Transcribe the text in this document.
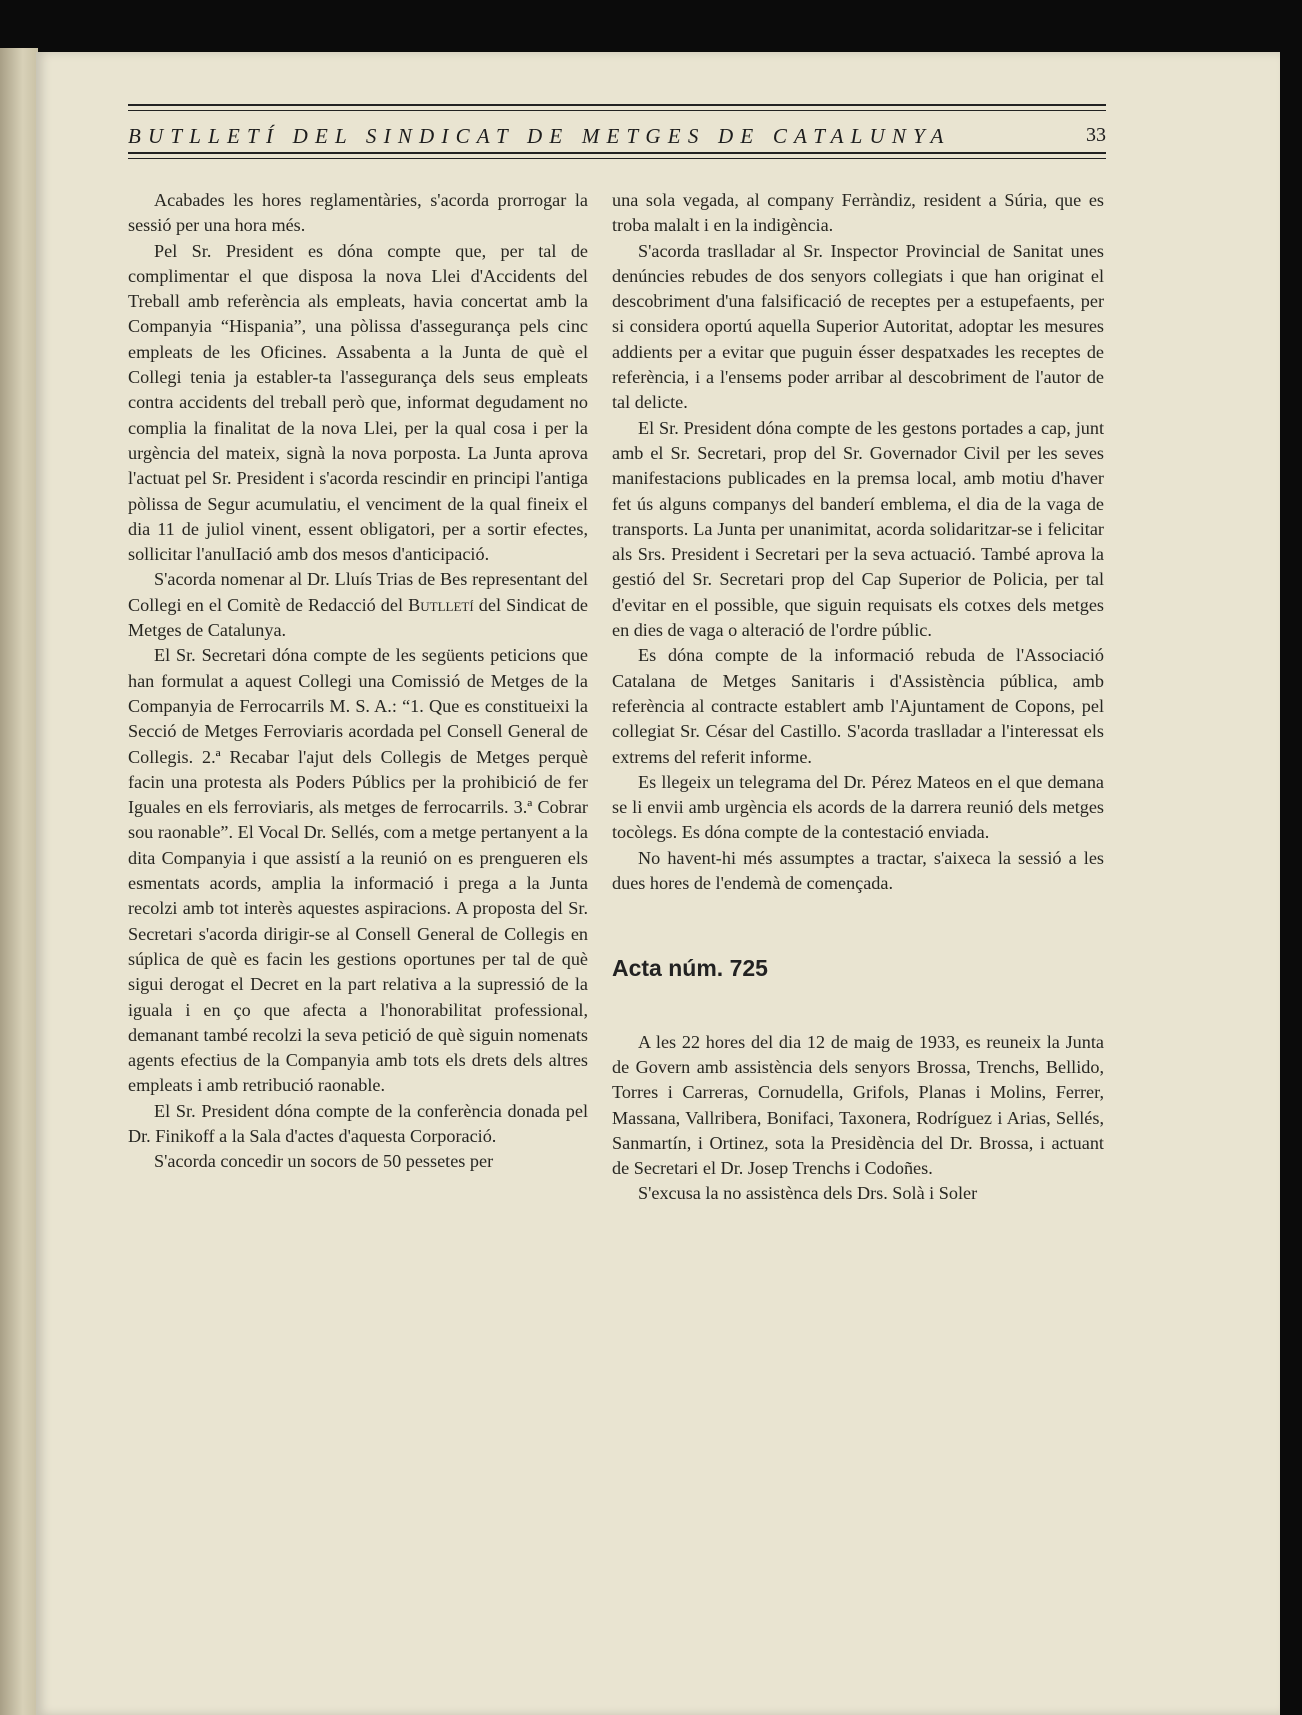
BUTLLETÍ DEL SINDICAT DE METGES DE CATALUNYA	33

Acabades les hores reglamentàries, s'acorda prorrogar la sessió per una hora més.

Pel Sr. President es dóna compte que, per tal de complimentar el que disposa la nova Llei d'Accidents del Treball amb referència als empleats, havia concertat amb la Companyia “Hispania”, una pòlissa d'assegurança pels cinc empleats de les Oficines. Assabenta a la Junta de què el Collegi tenia ja establer-ta l'assegurança dels seus empleats contra accidents del treball però que, informat degudament no complia la finalitat de la nova Llei, per la qual cosa i per la urgència del mateix, signà la nova porposta. La Junta aprova l'actuat pel Sr. President i s'acorda rescindir en principi l'antiga pòlissa de Segur acumulatiu, el venciment de la qual fineix el dia 11 de juliol vinent, essent obligatori, per a sortir efectes, sollicitar l'anulIació amb dos mesos d'anticipació.

S'acorda nomenar al Dr. Lluís Trias de Bes representant del Collegi en el Comitè de Redacció del Butlletí del Sindicat de Metges de Catalunya.

El Sr. Secretari dóna compte de les següents peticions que han formulat a aquest Collegi una Comissió de Metges de la Companyia de Ferrocarrils M. S. A.: “1. Que es constitueixi la Secció de Metges Ferroviaris acordada pel Consell General de Collegis. 2.ª Recabar l'ajut dels Collegis de Metges perquè facin una protesta als Poders Públics per la prohibició de fer Iguales en els ferroviaris, als metges de ferrocarrils. 3.ª Cobrar sou raonable”. El Vocal Dr. Sellés, com a metge pertanyent a la dita Companyia i que assistí a la reunió on es prengueren els esmentats acords, amplia la informació i prega a la Junta recolzi amb tot interès aquestes aspiracions. A proposta del Sr. Secretari s'acorda dirigir-se al Consell General de Collegis en súplica de què es facin les gestions oportunes per tal de què sigui derogat el Decret en la part relativa a la supressió de la iguala i en ço que afecta a l'honorabilitat professional, demanant també recolzi la seva petició de què siguin nomenats agents efectius de la Companyia amb tots els drets dels altres empleats i amb retribució raonable.

El Sr. President dóna compte de la conferència donada pel Dr. Finikoff a la Sala d'actes d'aquesta Corporació.

S'acorda concedir un socors de 50 pessetes per

una sola vegada, al company Ferràndiz, resident a Súria, que es troba malalt i en la indigència.

S'acorda traslladar al Sr. Inspector Provincial de Sanitat unes denúncies rebudes de dos senyors collegiats i que han originat el descobriment d'una falsificació de receptes per a estupefaents, per si considera oportú aquella Superior Autoritat, adoptar les mesures addients per a evitar que puguin ésser despatxades les receptes de referència, i a l'ensems poder arribar al descobriment de l'autor de tal delicte.

El Sr. President dóna compte de les gestons portades a cap, junt amb el Sr. Secretari, prop del Sr. Governador Civil per les seves manifestacions publicades en la premsa local, amb motiu d'haver fet ús alguns companys del banderí emblema, el dia de la vaga de transports. La Junta per unanimitat, acorda solidaritzar-se i felicitar als Srs. President i Secretari per la seva actuació. També aprova la gestió del Sr. Secretari prop del Cap Superior de Policia, per tal d'evitar en el possible, que siguin requisats els cotxes dels metges en dies de vaga o alteració de l'ordre públic.

Es dóna compte de la informació rebuda de l'Associació Catalana de Metges Sanitaris i d'Assistència pública, amb referència al contracte establert amb l'Ajuntament de Copons, pel collegiat Sr. César del Castillo. S'acorda traslladar a l'interessat els extrems del referit informe.

Es llegeix un telegrama del Dr. Pérez Mateos en el que demana se li envii amb urgència els acords de la darrera reunió dels metges tocòlegs. Es dóna compte de la contestació enviada.

No havent-hi més assumptes a tractar, s'aixeca la sessió a les dues hores de l'endemà de començada.

Acta núm. 725

A les 22 hores del dia 12 de maig de 1933, es reuneix la Junta de Govern amb assistència dels senyors Brossa, Trenchs, Bellido, Torres i Carreras, Cornudella, Grifols, Planas i Molins, Ferrer, Massana, Vallribera, Bonifaci, Taxonera, Rodríguez i Arias, Sellés, Sanmartín, i Ortinez, sota la Presidència del Dr. Brossa, i actuant de Secretari el Dr. Josep Trenchs i Codoñes.

S'excusa la no assistènca dels Drs. Solà i Soler
